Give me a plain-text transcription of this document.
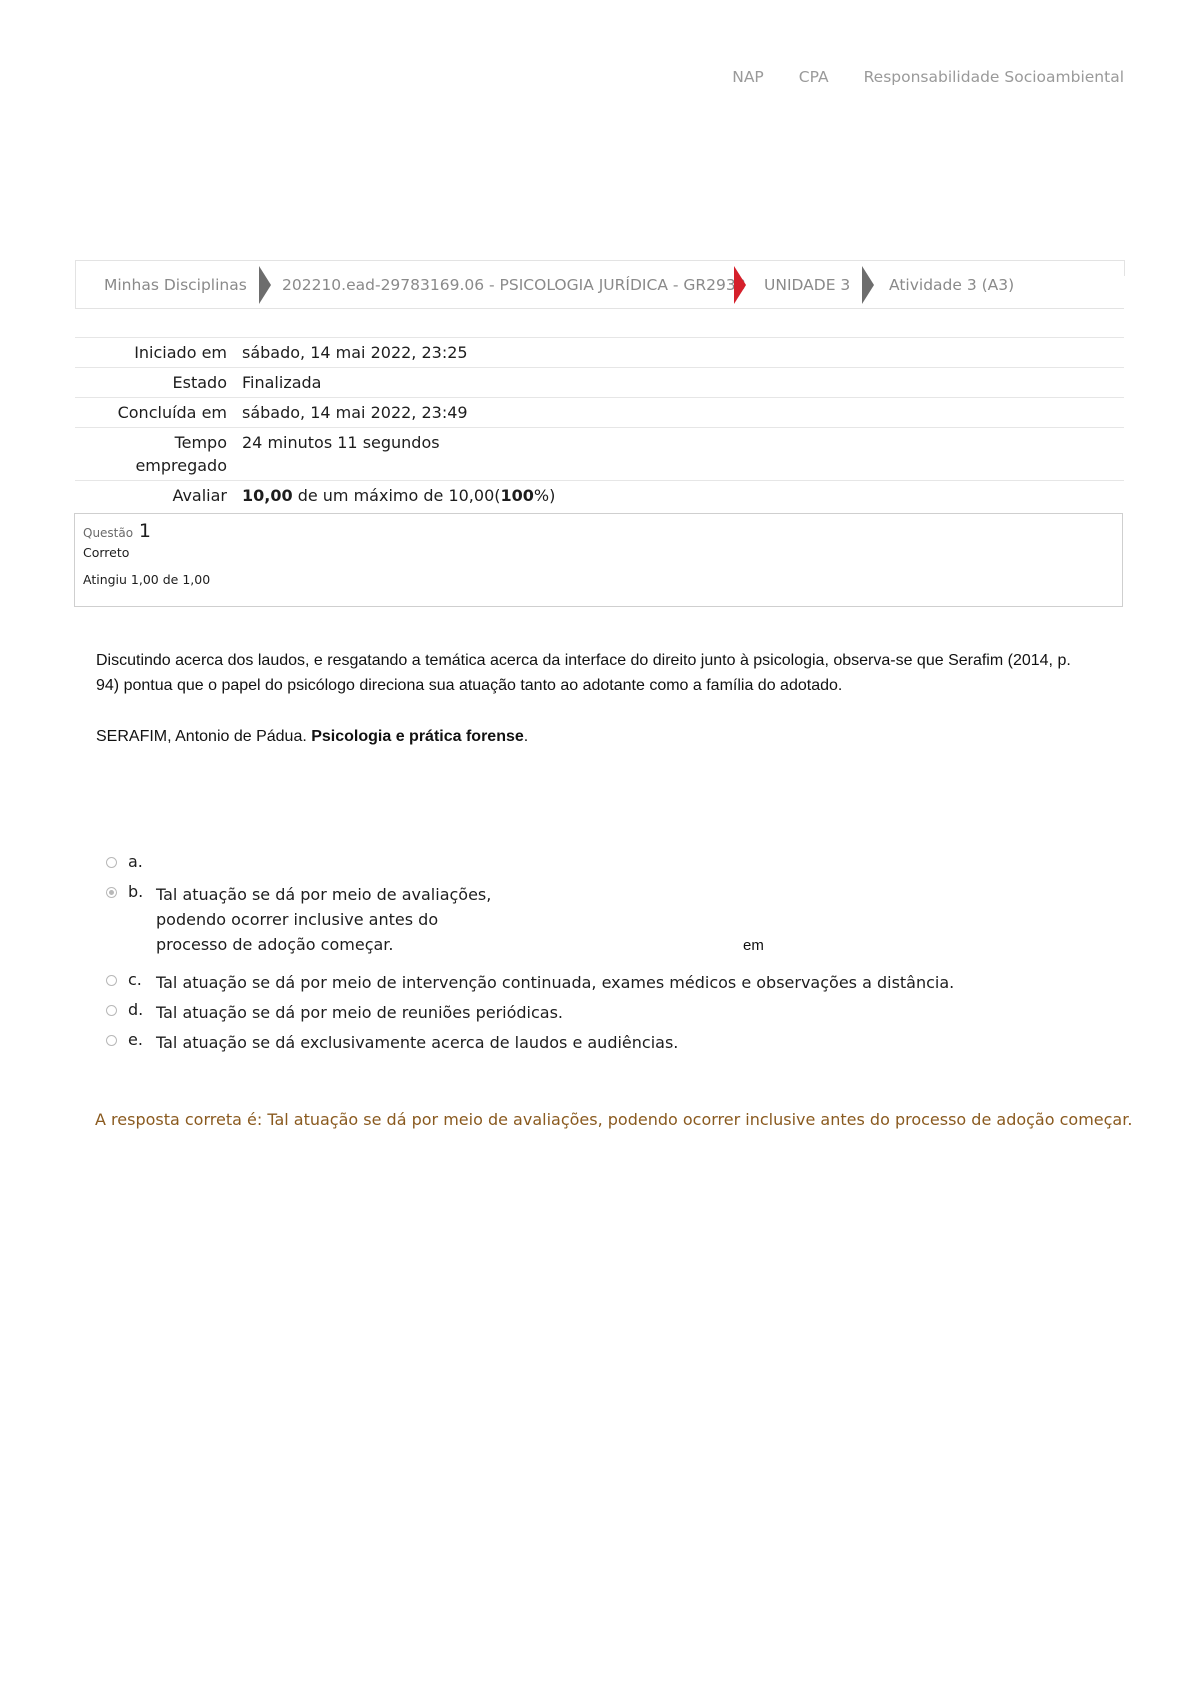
NAP CPA Responsabilidade Socioambiental
Minhas Disciplinas 202210.ead-29783169.06 - PSICOLOGIA JURÍDICA - GR2938 UNIDADE 3 Atividade 3 (A3)
Iniciado em	sábado, 14 mai 2022, 23:25
Estado	Finalizada
Concluída em	sábado, 14 mai 2022, 23:49
Tempo
empregado	24 minutos 11 segundos
Avaliar	10,00 de um máximo de 10,00(100%)
Questão 1
Correto
Atingiu 1,00 de 1,00

Discutindo acerca dos laudos, e resgatando a temática acerca da interface do direito junto à psicologia, observa-se que Serafim (2014, p. 94) pontua que o papel do psicólogo direciona sua atuação tanto ao adotante como a família do adotado.

SERAFIM, Antonio de Pádua. Psicologia e prática forense.

a.
b. Tal atuação se dá por meio de avaliações,
podendo ocorrer inclusive antes do
processo de adoção começar.
c. Tal atuação se dá por meio de intervenção continuada, exames médicos e observações a distância.
d. Tal atuação se dá por meio de reuniões periódicas.
e. Tal atuação se dá exclusivamente acerca de laudos e audiências.
em
A resposta correta é: Tal atuação se dá por meio de avaliações, podendo ocorrer inclusive antes do processo de adoção começar.
